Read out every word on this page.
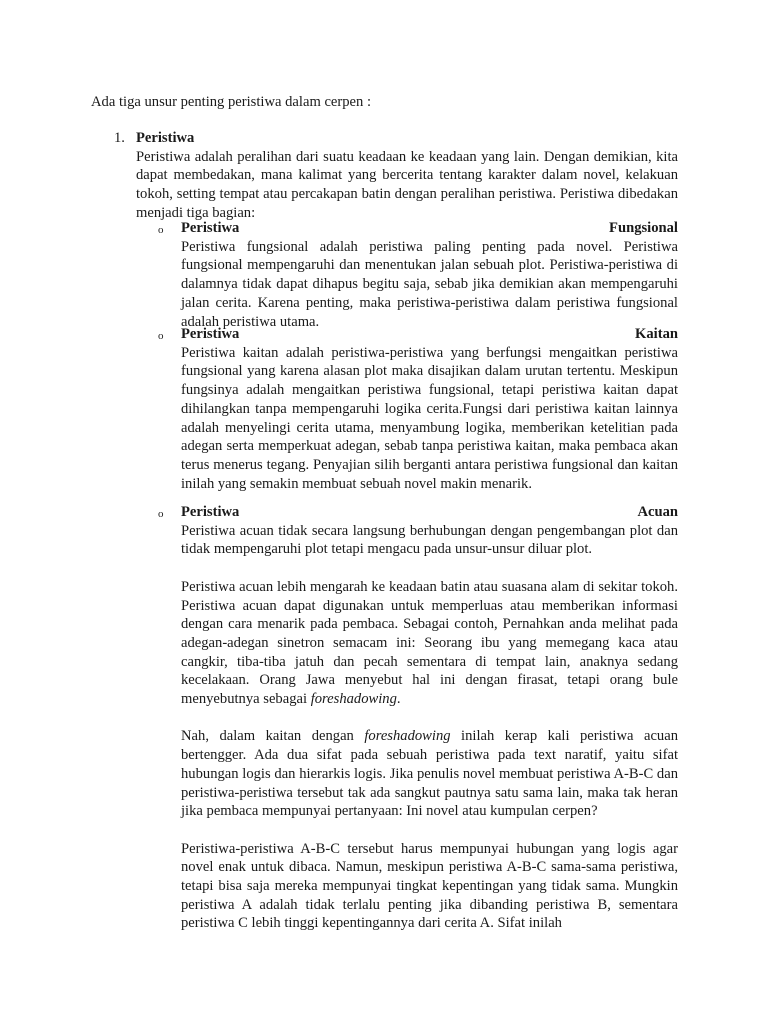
Ada tiga unsur penting peristiwa dalam cerpen :
1. Peristiwa

Peristiwa adalah peralihan dari suatu keadaan ke keadaan yang lain. Dengan demikian, kita dapat membedakan, mana kalimat yang bercerita tentang karakter dalam novel, kelakuan tokoh, setting tempat atau percakapan batin dengan peralihan peristiwa. Peristiwa dibedakan menjadi tiga bagian:

o Peristiwa	Fungsional

Peristiwa fungsional adalah peristiwa paling penting pada novel. Peristiwa fungsional mempengaruhi dan menentukan jalan sebuah plot. Peristiwa-peristiwa di dalamnya tidak dapat dihapus begitu saja, sebab jika demikian akan mempengaruhi jalan cerita. Karena penting, maka peristiwa-peristiwa dalam peristiwa fungsional adalah peristiwa utama.

o Peristiwa	Kaitan

Peristiwa kaitan adalah peristiwa-peristiwa yang berfungsi mengaitkan peristiwa fungsional yang karena alasan plot maka disajikan dalam urutan tertentu. Meskipun fungsinya adalah mengaitkan peristiwa fungsional, tetapi peristiwa kaitan dapat dihilangkan tanpa mempengaruhi logika cerita.Fungsi dari peristiwa kaitan lainnya adalah menyelingi cerita utama, menyambung logika, memberikan ketelitian pada adegan serta memperkuat adegan, sebab tanpa peristiwa kaitan, maka pembaca akan terus menerus tegang. Penyajian silih berganti antara peristiwa fungsional dan kaitan inilah yang semakin membuat sebuah novel makin menarik.

o Peristiwa	Acuan

Peristiwa acuan tidak secara langsung berhubungan dengan pengembangan plot dan tidak mempengaruhi plot tetapi mengacu pada unsur-unsur diluar plot.

Peristiwa acuan lebih mengarah ke keadaan batin atau suasana alam di sekitar tokoh. Peristiwa acuan dapat digunakan untuk memperluas atau memberikan informasi dengan cara menarik pada pembaca. Sebagai contoh, Pernahkan anda melihat pada adegan-adegan sinetron semacam ini: Seorang ibu yang memegang kaca atau cangkir, tiba-tiba jatuh dan pecah sementara di tempat lain, anaknya sedang kecelakaan. Orang Jawa menyebut hal ini dengan firasat, tetapi orang bule menyebutnya sebagai foreshadowing.

Nah, dalam kaitan dengan foreshadowing inilah kerap kali peristiwa acuan bertengger. Ada dua sifat pada sebuah peristiwa pada text naratif, yaitu sifat hubungan logis dan hierarkis logis. Jika penulis novel membuat peristiwa A-B-C dan peristiwa-peristiwa tersebut tak ada sangkut pautnya satu sama lain, maka tak heran jika pembaca mempunyai pertanyaan: Ini novel atau kumpulan cerpen?

Peristiwa-peristiwa A-B-C tersebut harus mempunyai hubungan yang logis agar novel enak untuk dibaca. Namun, meskipun peristiwa A-B-C sama-sama peristiwa, tetapi bisa saja mereka mempunyai tingkat kepentingan yang tidak sama. Mungkin peristiwa A adalah tidak terlalu penting jika dibanding peristiwa B, sementara peristiwa C lebih tinggi kepentingannya dari cerita A. Sifat inilah
